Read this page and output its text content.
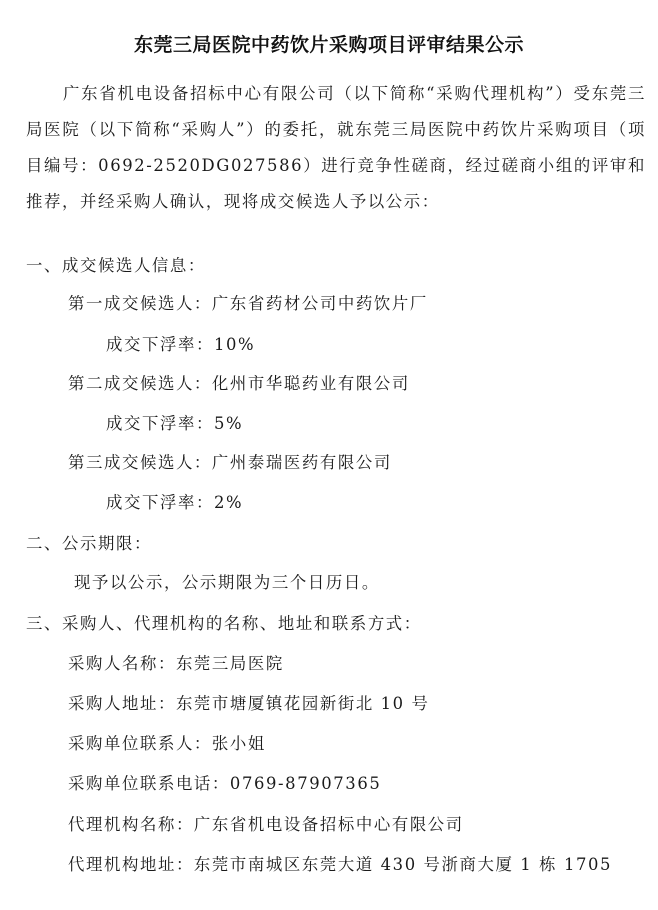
东莞三局医院中药饮片采购项目评审结果公示
广东省机电设备招标中心有限公司（以下简称“采购代理机构”）受东莞三局医院（以下简称“采购人”）的委托，就东莞三局医院中药饮片采购项目（项目编号：0692-2520DG027586）进行竞争性磋商，经过磋商小组的评审和推荐，并经采购人确认，现将成交候选人予以公示：
一、成交候选人信息：
第一成交候选人：广东省药材公司中药饮片厂
成交下浮率：10%
第二成交候选人：化州市华聪药业有限公司
成交下浮率：5%
第三成交候选人：广州泰瑞医药有限公司
成交下浮率：2%
二、公示期限：
现予以公示，公示期限为三个日历日。
三、采购人、代理机构的名称、地址和联系方式：
采购人名称：东莞三局医院
采购人地址：东莞市塘厦镇花园新街北 10 号
采购单位联系人：张小姐
采购单位联系电话：0769-87907365
代理机构名称：广东省机电设备招标中心有限公司
代理机构地址：东莞市南城区东莞大道 430 号浙商大厦 1 栋 1705
